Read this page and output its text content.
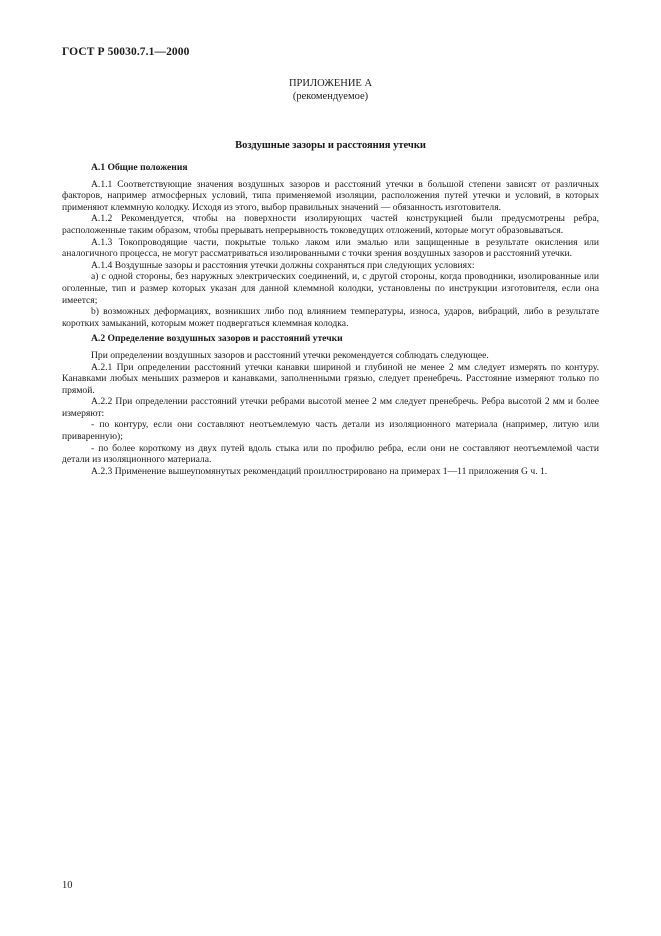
ГОСТ Р 50030.7.1—2000
ПРИЛОЖЕНИЕ А
(рекомендуемое)
Воздушные зазоры и расстояния утечки
А.1 Общие положения

А.1.1 Соответствующие значения воздушных зазоров и расстояний утечки в большой степени зависят от различных факторов, например атмосферных условий, типа применяемой изоляции, расположения путей утечки и условий, в которых применяют клеммную колодку. Исходя из этого, выбор правильных значений — обязанность изготовителя.

А.1.2 Рекомендуется, чтобы на поверхности изолирующих частей конструкцией были предусмотрены ребра, расположенные таким образом, чтобы прерывать непрерывность токоведущих отложений, которые могут образовываться.

А.1.3 Токопроводящие части, покрытые только лаком или эмалью или защищенные в результате окисления или аналогичного процесса, не могут рассматриваться изолированными с точки зрения воздушных зазоров и расстояний утечки.

А.1.4 Воздушные зазоры и расстояния утечки должны сохраняться при следующих условиях:

а) с одной стороны, без наружных электрических соединений, и, с другой стороны, когда проводники, изолированные или оголенные, тип и размер которых указан для данной клеммной колодки, установлены по инструкции изготовителя, если она имеется;

b) возможных деформациях, возникших либо под влиянием температуры, износа, ударов, вибраций, либо в результате коротких замыканий, которым может подвергаться клеммная колодка.

А.2 Определение воздушных зазоров и расстояний утечки

При определении воздушных зазоров и расстояний утечки рекомендуется соблюдать следующее.

А.2.1 При определении расстояний утечки канавки шириной и глубиной не менее 2 мм следует измерять по контуру. Канавками любых меньших размеров и канавками, заполненными грязью, следует пренебречь. Расстояние измеряют только по прямой.

А.2.2 При определении расстояний утечки ребрами высотой менее 2 мм следует пренебречь. Ребра высотой 2 мм и более измеряют:

- по контуру, если они составляют неотъемлемую часть детали из изоляционного материала (например, литую или приваренную);

- по более короткому из двух путей вдоль стыка или по профилю ребра, если они не составляют неотъемлемой части детали из изоляционного материала.

А.2.3 Применение вышеупомянутых рекомендаций проиллюстрировано на примерах 1—11 приложения G ч. 1.

10
